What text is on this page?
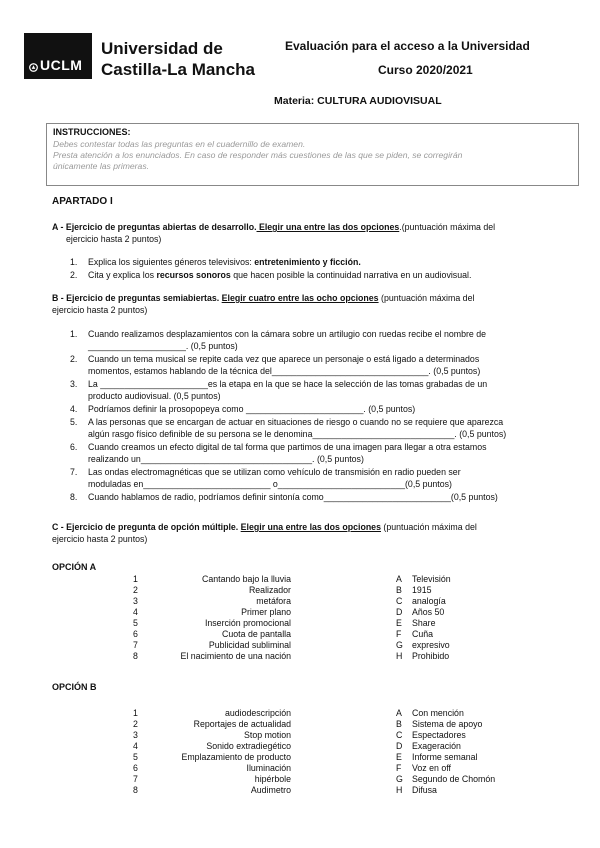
UCLM
Universidad de
Castilla-La Mancha
Evaluación para el acceso a la Universidad
Curso 2020/2021
Materia: CULTURA AUDIOVISUAL
INSTRUCCIONES:
Debes contestar todas las preguntas en el cuadernillo de examen.
Presta atención a los enunciados. En caso de responder más cuestiones de las que se piden, se corregirán
únicamente las primeras.
APARTADO I
A - Ejercicio de preguntas abiertas de desarrollo. Elegir una entre las dos opciones.(puntuación máxima del
ejercicio hasta 2 puntos)
1. Explica los siguientes géneros televisivos: entretenimiento y ficción.
2. Cita y explica los recursos sonoros que hacen posible la continuidad narrativa en un audiovisual.
B - Ejercicio de preguntas semiabiertas. Elegir cuatro entre las ocho opciones (puntuación máxima del
ejercicio hasta 2 puntos)
1. Cuando realizamos desplazamientos con la cámara sobre un artilugio con ruedas recibe el nombre de
____________________. (0,5 puntos)
2. Cuando un tema musical se repite cada vez que aparece un personaje o está ligado a determinados
momentos, estamos hablando de la técnica del________________________________. (0,5 puntos)
3. La ______________________es la etapa en la que se hace la selección de las tomas grabadas de un
producto audiovisual. (0,5 puntos)
4. Podríamos definir la prosopopeya como ________________________. (0,5 puntos)
5. A las personas que se encargan de actuar en situaciones de riesgo o cuando no se requiere que aparezca
algún rasgo físico definible de su persona se le denomina_____________________________. (0,5 puntos)
6. Cuando creamos un efecto digital de tal forma que partimos de una imagen para llegar a otra estamos
realizando un___________________________________. (0,5 puntos)
7. Las ondas electromagnéticas que se utilizan como vehículo de transmisión en radio pueden ser
moduladas en__________________________ o__________________________(0,5 puntos)
8. Cuando hablamos de radio, podríamos definir sintonía como__________________________(0,5 puntos)
C - Ejercicio de pregunta de opción múltiple. Elegir una entre las dos opciones (puntuación máxima del
ejercicio hasta 2 puntos)
OPCIÓN A
1	Cantando bajo la lluvia		A	Televisión
2	Realizador		B	1915
3	metáfora		C	analogía
4	Primer plano		D	Años 50
5	Inserción promocional		E	Share
6	Cuota de pantalla		F	Cuña
7	Publicidad subliminal		G	expresivo
8	El nacimiento de una nación		H	Prohibido
OPCIÓN B
1	audiodescripción		A	Con mención
2	Reportajes de actualidad		B	Sistema de apoyo
3	Stop motion		C	Espectadores
4	Sonido extradiegético		D	Exageración
5	Emplazamiento de producto		E	Informe semanal
6	Iluminación		F	Voz en off
7	hipérbole		G	Segundo de Chomón
8	Audimetro		H	Difusa
